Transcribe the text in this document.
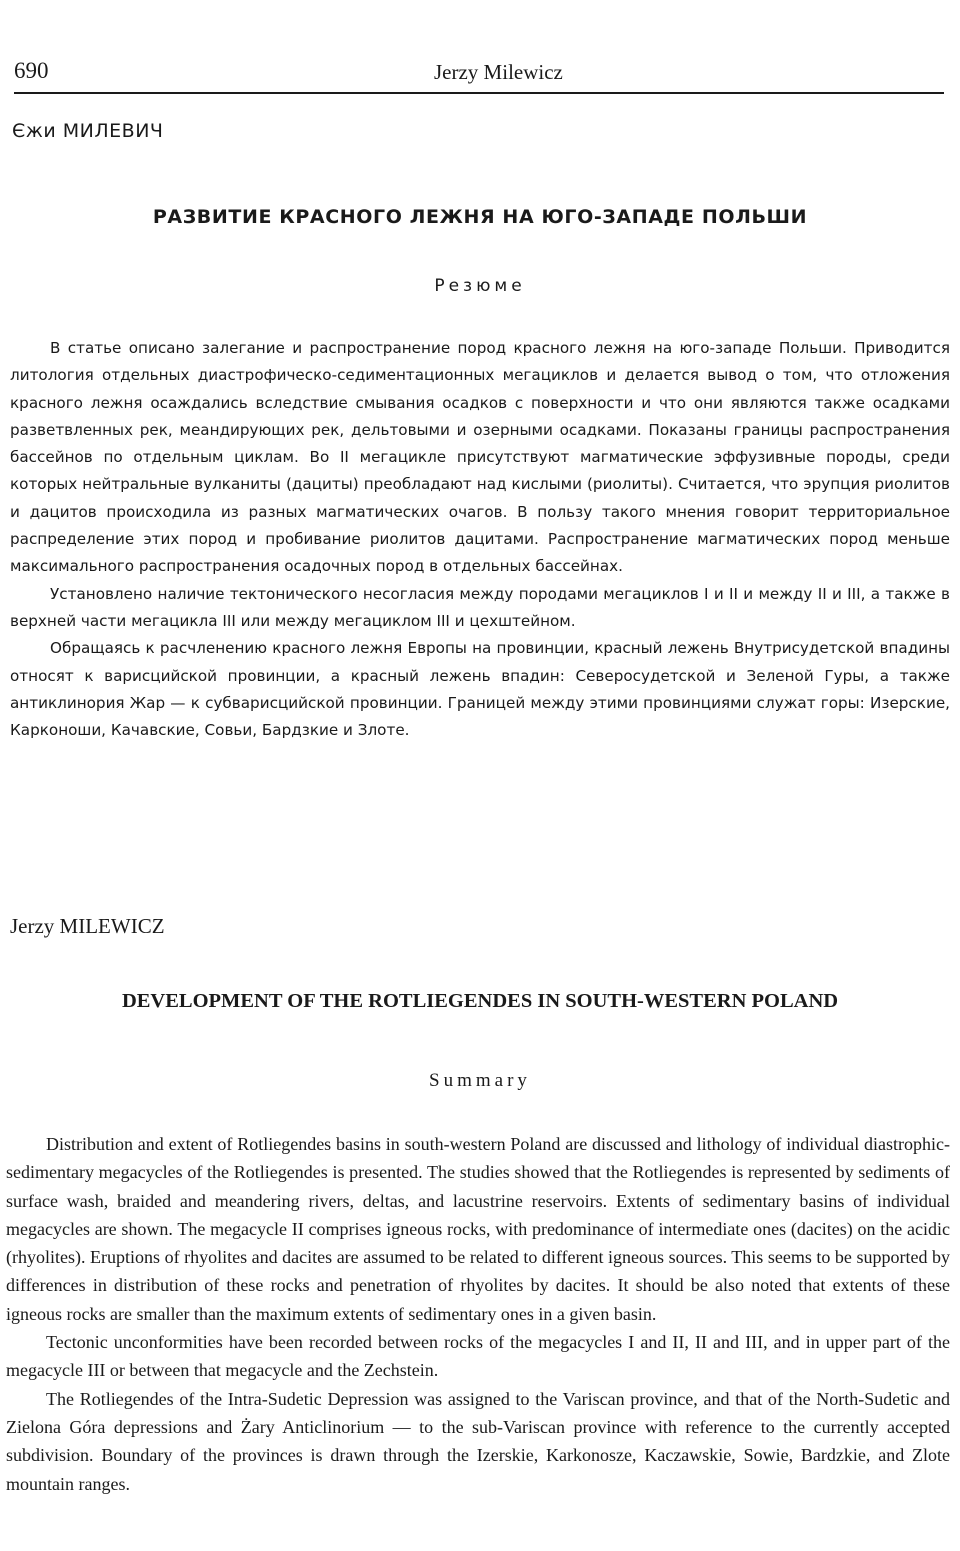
690	Jerzy Milewicz
Єжи МИЛЕВИЧ
РАЗВИТИЕ КРАСНОГО ЛЕЖНЯ НА ЮГО-ЗАПАДЕ ПОЛЬШИ
Резюме

В статье описано залегание и распространение пород красного лежня на юго-западе Польши. Приводится литология отдельных диастрофическо-седиментационных мегациклов и делается вывод о том, что отложения красного лежня осаждались вследствие смывания осадков с поверхности и что они являются также осадками разветвленных рек, меандирующих рек, дельтовыми и озерными осадками. Показаны границы распространения бассейнов по отдельным циклам. Во II мегацикле присутствуют магматические эффузивные породы, среди которых нейтральные вулканиты (дациты) преобладают над кислыми (риолиты). Считается, что эрупция риолитов и дацитов происходила из разных магматических очагов. В пользу такого мнения говорит территориальное распределение этих пород и пробивание риолитов дацитами. Распространение магматических пород меньше максимального распространения осадочных пород в отдельных бассейнах.

Установлено наличие тектонического несогласия между породами мегациклов I и II и между II и III, а также в верхней части мегацикла III или между мегациклом III и цехштейном.

Обращаясь к расчленению красного лежня Европы на провинции, красный лежень Внутрисудетской впадины относят к варисцийской провинции, а красный лежень впадин: Северосудетской и Зеленой Гуры, а также антиклинория Жар — к субварисцийской провинции. Границей между этими провинциями служат горы: Изерские, Карконоши, Качавские, Совьи, Бардзкие и Злоте.

Jerzy MILEWICZ
DEVELOPMENT OF THE ROTLIEGENDES IN SOUTH-WESTERN POLAND
Summary

Distribution and extent of Rotliegendes basins in south-western Poland are discussed and lithology of individual diastrophic-sedimentary megacycles of the Rotliegendes is presented. The studies showed that the Rotliegendes is represented by sediments of surface wash, braided and meandering rivers, deltas, and lacustrine reservoirs. Extents of sedimentary basins of individual megacycles are shown. The megacycle II comprises igneous rocks, with predominance of intermediate ones (dacites) on the acidic (rhyolites). Eruptions of rhyolites and dacites are assumed to be related to different igneous sources. This seems to be supported by differences in distribution of these rocks and penetration of rhyolites by dacites. It should be also noted that extents of these igneous rocks are smaller than the maximum extents of sedimentary ones in a given basin.

Tectonic unconformities have been recorded between rocks of the megacycles I and II, II and III, and in upper part of the megacycle III or between that megacycle and the Zechstein.

The Rotliegendes of the Intra-Sudetic Depression was assigned to the Variscan province, and that of the North-Sudetic and Zielona Góra depressions and Żary Anticlinorium — to the sub-Variscan province with reference to the currently accepted subdivision. Boundary of the provinces is drawn through the Izerskie, Karkonosze, Kaczawskie, Sowie, Bardzkie, and Zlote mountain ranges.
